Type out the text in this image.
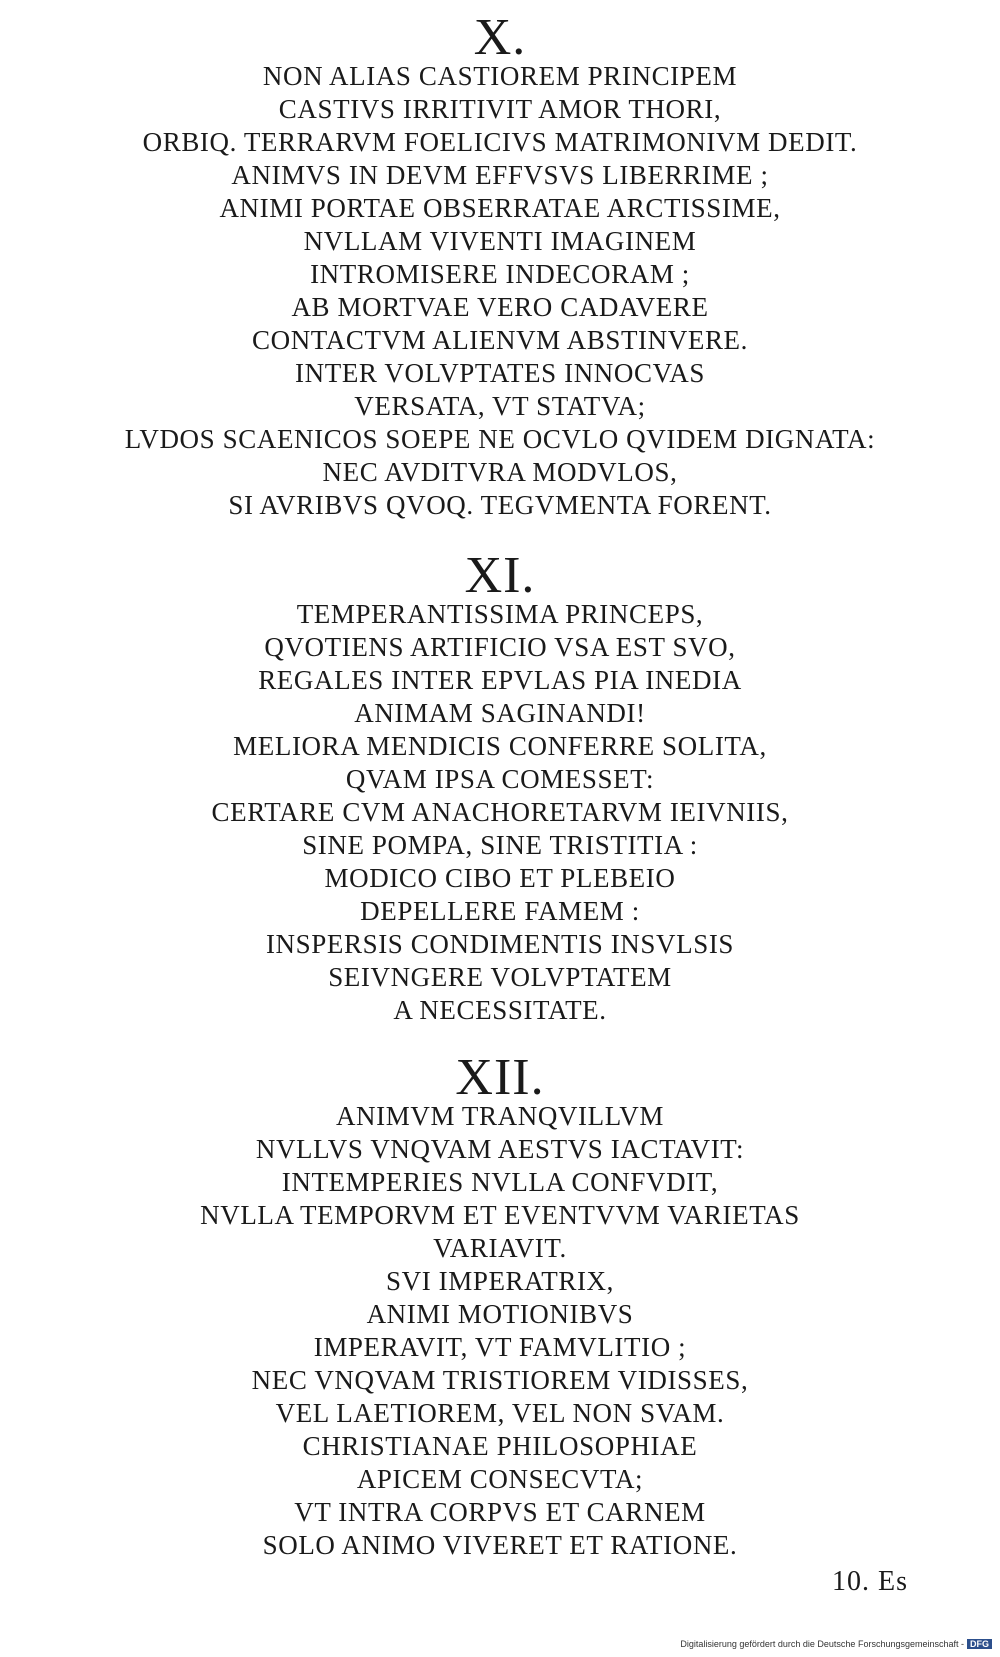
X.
NON ALIAS CASTIOREM PRINCIPEM
CASTIVS IRRITIVIT AMOR THORI,
ORBIQ. TERRARVM FOELICIVS MATRIMONIVM DEDIT.
ANIMVS IN DEVM EFFVSVS LIBERRIME ;
ANIMI PORTAE OBSERRATAE ARCTISSIME,
NVLLAM VIVENTI IMAGINEM
INTROMISERE INDECORAM ;
AB MORTVAE VERO CADAVERE
CONTACTVM ALIENVM ABSTINVERE.
INTER VOLVPTATES INNOCVAS
VERSATA, VT STATVA;
LVDOS SCAENICOS SOEPE NE OCVLO QVIDEM DIGNATA:
NEC AVDITVRA MODVLOS,
SI AVRIBVS QVOQ. TEGVMENTA FORENT.
XI.
TEMPERANTISSIMA PRINCEPS,
QVOTIENS ARTIFICIO VSA EST SVO,
REGALES INTER EPVLAS PIA INEDIA
ANIMAM SAGINANDI!
MELIORA MENDICIS CONFERRE SOLITA,
QVAM IPSA COMESSET:
CERTARE CVM ANACHORETARVM IEIVNIIS,
SINE POMPA, SINE TRISTITIA :
MODICO CIBO ET PLEBEIO
DEPELLERE FAMEM :
INSPERSIS CONDIMENTIS INSVLSIS
SEIVNGERE VOLVPTATEM
A NECESSITATE.
XII.
ANIMVM TRANQVILLVM
NVLLVS VNQVAM AESTVS IACTAVIT:
INTEMPERIES NVLLA CONFVDIT,
NVLLA TEMPORVM ET EVENTVVM VARIETAS
VARIAVIT.
SVI IMPERATRIX,
ANIMI MOTIONIBVS
IMPERAVIT, VT FAMVLITIO ;
NEC VNQVAM TRISTIOREM VIDISSES,
VEL LAETIOREM, VEL NON SVAM.
CHRISTIANAE PHILOSOPHIAE
APICEM CONSECVTA;
VT INTRA CORPVS ET CARNEM
SOLO ANIMO VIVERET ET RATIONE.
10. Es
Digitalisierung gefördert durch die Deutsche Forschungsgemeinschaft - DFG
